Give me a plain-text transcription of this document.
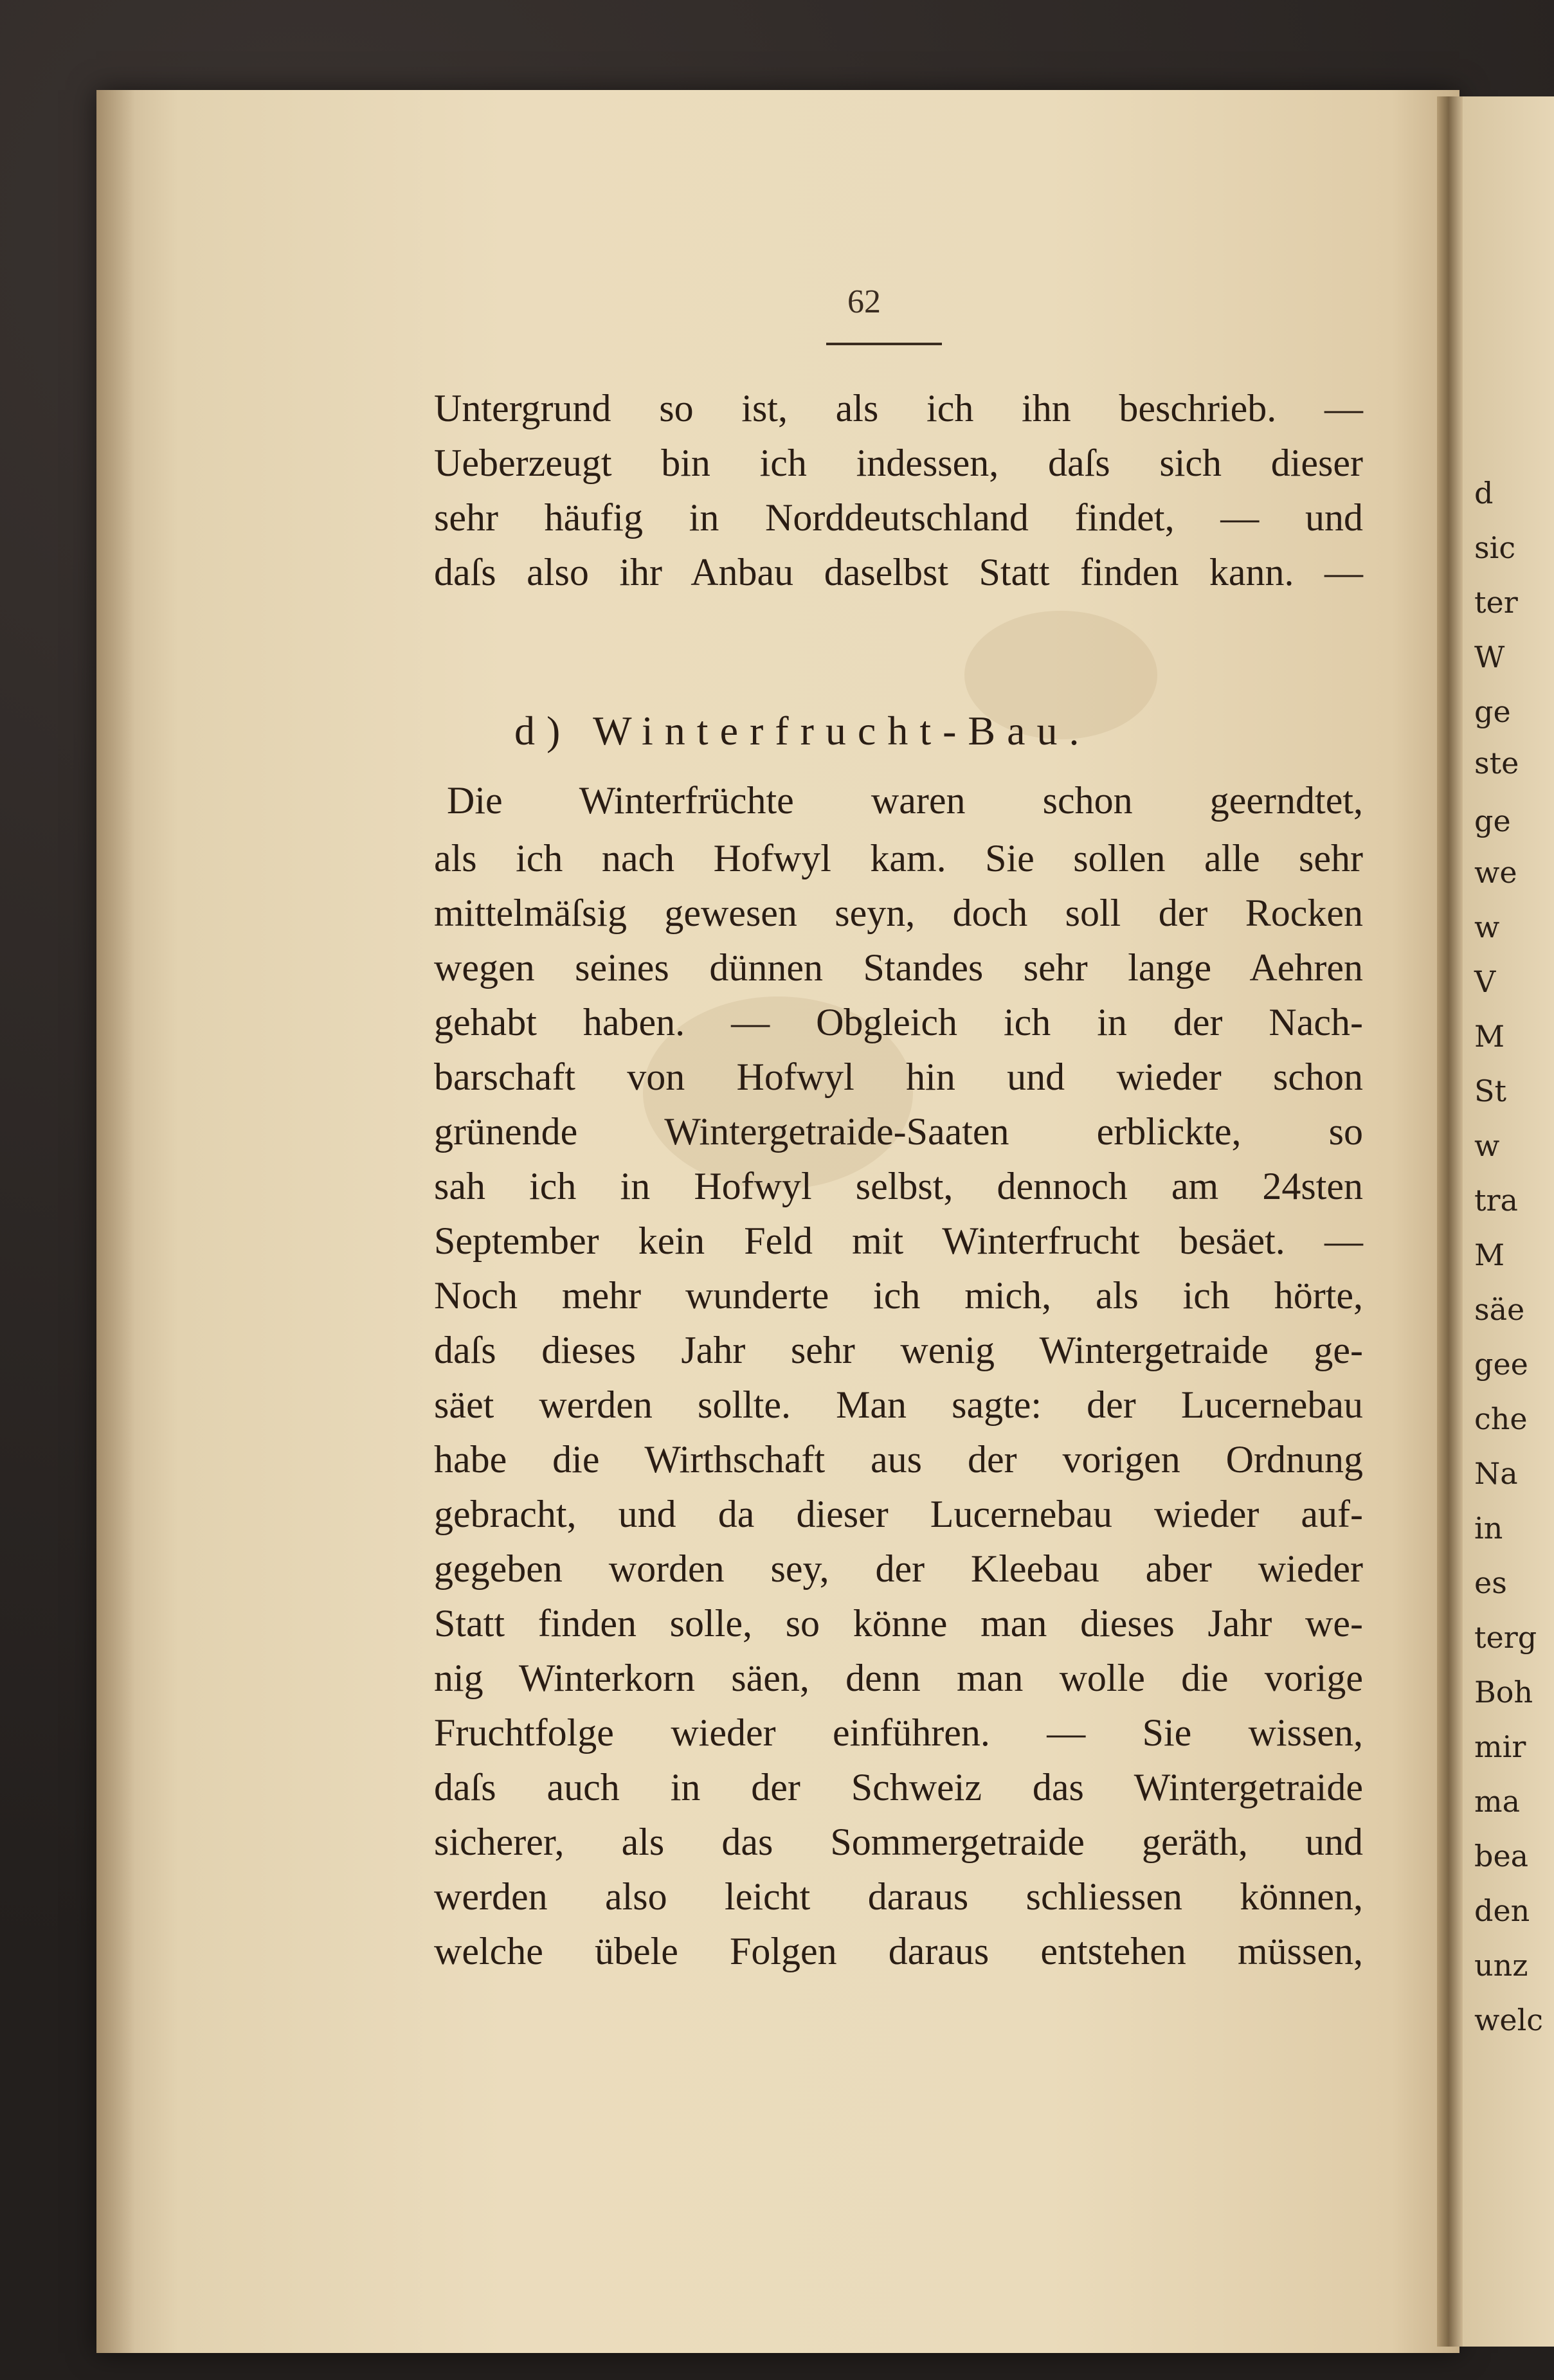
d
sic
ter
W
ge
ste
ge
we
w
V
M
St
w
tra
M
säe
gee
che
Na
in
es
terg
Boh
mir
ma
bea
den
unz
welc
62
Untergrund so ist, als ich ihn beschrieb. —
Ueberzeugt bin ich indessen, daſs sich dieser
sehr häufig in Norddeutschland findet, — und
daſs also ihr Anbau daselbst Statt finden kann. —
d) Winterfrucht-Bau.
Die Winterfrüchte waren schon geerndtet,
als ich nach Hofwyl kam. Sie sollen alle sehr
mittelmäſsig gewesen seyn, doch soll der Rocken
wegen seines dünnen Standes sehr lange Aehren
gehabt haben. — Obgleich ich in der Nach-
barschaft von Hofwyl hin und wieder schon
grünende Wintergetraide-Saaten erblickte, so
sah ich in Hofwyl selbst, dennoch am 24sten
September kein Feld mit Winterfrucht besäet. —
Noch mehr wunderte ich mich, als ich hörte,
daſs dieses Jahr sehr wenig Wintergetraide ge-
säet werden sollte. Man sagte: der Lucernebau
habe die Wirthschaft aus der vorigen Ordnung
gebracht, und da dieser Lucernebau wieder auf-
gegeben worden sey, der Kleebau aber wieder
Statt finden solle, so könne man dieses Jahr we-
nig Winterkorn säen, denn man wolle die vorige
Fruchtfolge wieder einführen. — Sie wissen,
daſs auch in der Schweiz das Wintergetraide
sicherer, als das Sommergetraide geräth, und
werden also leicht daraus schliessen können,
welche übele Folgen daraus entstehen müssen,
